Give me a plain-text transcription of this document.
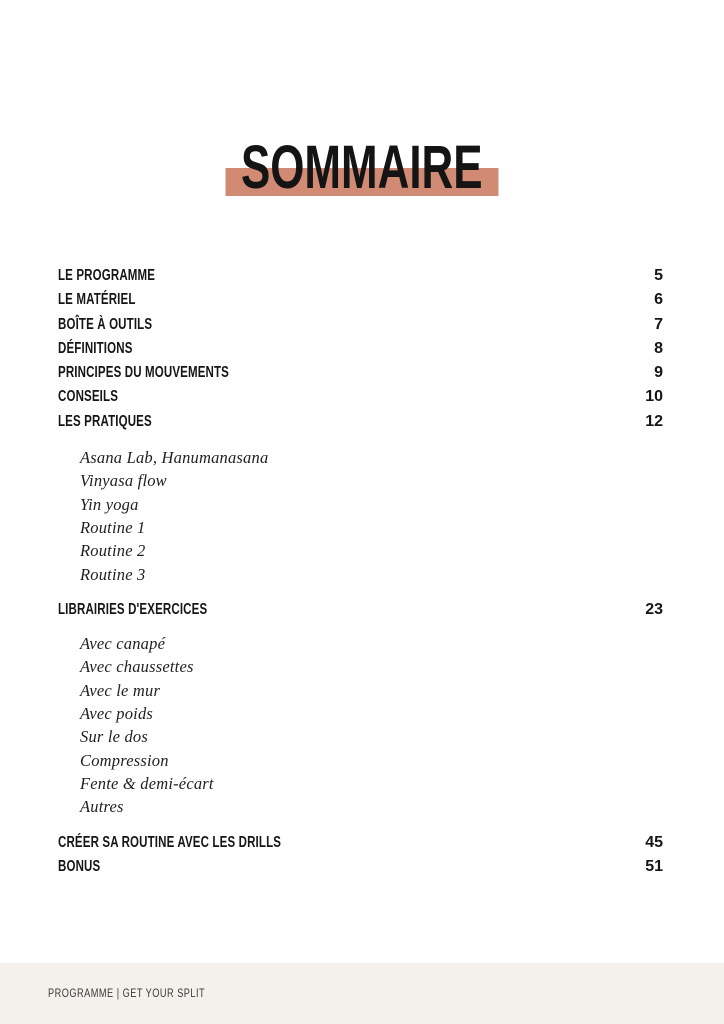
SOMMAIRE
LE PROGRAMME	5
LE MATÉRIEL	6
BOÎTE À OUTILS	7
DÉFINITIONS	8
PRINCIPES DU MOUVEMENTS	9
CONSEILS	10
LES PRATIQUES	12
Asana Lab, Hanumanasana
Vinyasa flow
Yin yoga
Routine 1
Routine 2
Routine 3
LIBRAIRIES D'EXERCICES	23
Avec canapé
Avec chaussettes
Avec le mur
Avec poids
Sur le dos
Compression
Fente & demi-écart
Autres
CRÉER SA ROUTINE AVEC LES DRILLS	45
BONUS	51
PROGRAMME | GET YOUR SPLIT
